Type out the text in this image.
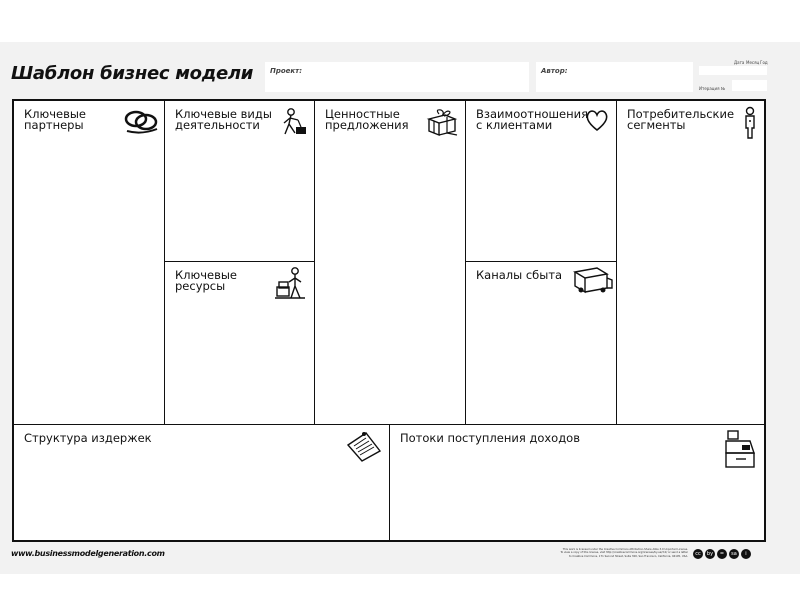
Шаблон бизнес модели Проект:	Автор:
Дата Месяц Год
Итерация №
Ключевые
партнеры
Ключевые виды
деятельности
Ключевые
ресурсы
Ценностные
предложения
Взаимоотношения
с клиентами
Каналы сбыта
Потребительские
сегменты
Структура издержек	Потоки поступления доходов
www.businessmodelgeneration.com	This work is licensed under the Creative Commons Attribution-Share Alike 3.0 Unported License. To view a copy of this license, visit http://creativecommons.org/licenses/by-sa/3.0/ or send a letter to Creative Commons, 171 Second Street, Suite 300, San Francisco, California, 94105, USA.	cc	by	=	sa	i
